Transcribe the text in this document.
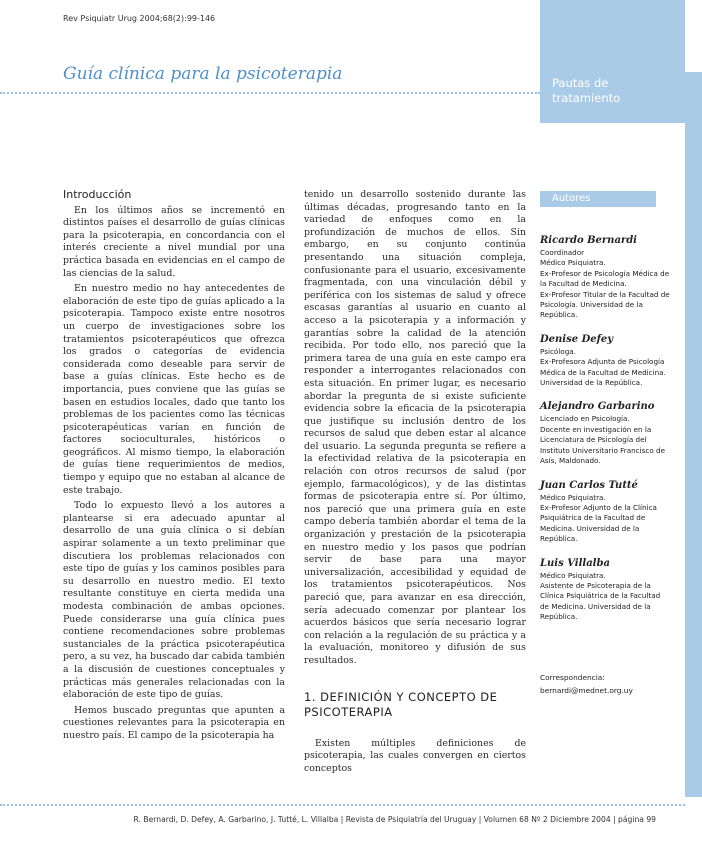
Rev Psiquiatr Urug 2004;68(2):99-146
Pautas de tratamiento
Guía clínica para la psicoterapia

Introducción

En los últimos años se incrementó en distintos países el desarrollo de guías clínicas para la psicoterapia, en concordancia con el interés creciente a nivel mundial por una práctica basada en evidencias en el campo de las ciencias de la salud.

En nuestro medio no hay antecedentes de elaboración de este tipo de guías aplicado a la psicoterapia. Tampoco existe entre nosotros un cuerpo de investigaciones sobre los tratamientos psicoterapéuticos que ofrezca los grados o categorías de evidencia considerada como deseable para servir de base a guías clínicas. Este hecho es de importancia, pues conviene que las guías se basen en estudios locales, dado que tanto los problemas de los pacientes como las técnicas psicoterapéuticas varían en función de factores socioculturales, históricos o geográficos. Al mismo tiempo, la elaboración de guías tiene requerimientos de medios, tiempo y equipo que no estaban al alcance de este trabajo.

Todo lo expuesto llevó a los autores a plantearse si era adecuado apuntar al desarrollo de una guía clínica o si debían aspirar solamente a un texto preliminar que discutiera los problemas relacionados con este tipo de guías y los caminos posibles para su desarrollo en nuestro medio. El texto resultante constituye en cierta medida una modesta combinación de ambas opciones. Puede considerarse una guía clínica pues contiene recomendaciones sobre problemas sustanciales de la práctica psicoterapéutica pero, a su vez, ha buscado dar cabida también a la discusión de cuestiones conceptuales y prácticas más generales relacionadas con la elaboración de este tipo de guías.

Hemos buscado preguntas que apunten a cuestiones relevantes para la psicoterapia en nuestro país. El campo de la psicoterapia ha

tenido un desarrollo sostenido durante las últimas décadas, progresando tanto en la variedad de enfoques como en la profundización de muchos de ellos. Sin embargo, en su conjunto continúa presentando una situación compleja, confusionante para el usuario, excesivamente fragmentada, con una vinculación débil y periférica con los sistemas de salud y ofrece escasas garantías al usuario en cuanto al acceso a la psicoterapia y a información y garantías sobre la calidad de la atención recibida. Por todo ello, nos pareció que la primera tarea de una guía en este campo era responder a interrogantes relacionados con esta situación. En primer lugar, es necesario abordar la pregunta de si existe suficiente evidencia sobre la eficacia de la psicoterapia que justifique su inclusión dentro de los recursos de salud que deben estar al alcance del usuario. La segunda pregunta se refiere a la efectividad relativa de la psicoterapia en relación con otros recursos de salud (por ejemplo, farmacológicos), y de las distintas formas de psicoterapia entre sí. Por último, nos pareció que una primera guía en este campo debería también abordar el tema de la organización y prestación de la psicoterapia en nuestro medio y los pasos que podrían servir de base para una mayor universalización, accesibilidad y equidad de los tratamientos psicoterapéuticos. Nos pareció que, para avanzar en esa dirección, sería adecuado comenzar por plantear los acuerdos básicos que sería necesario lograr con relación a la regulación de su práctica y a la evaluación, monitoreo y difusión de sus resultados.

1. DEFINICIÓN Y CONCEPTO DE PSICOTERAPIA

Existen múltiples definiciones de psicoterapia, las cuales convergen en ciertos conceptos

Autores
Ricardo Bernardi
Coordinador
Médico Psiquiatra.
Ex-Profesor de Psicología Médica de la Facultad de Medicina.
Ex-Profesor Titular de la Facultad de Psicología. Universidad de la República.
Denise Defey
Psicóloga.
Ex-Profesora Adjunta de Psicología Médica de la Facultad de Medicina. Universidad de la República.
Alejandro Garbarino
Licenciado en Psicología.
Docente en investigación en la Licenciatura de Psicología del Instituto Universitario Francisco de Asís, Maldonado.
Juan Carlos Tutté
Médico Psiquiatra.
Ex-Profesor Adjunto de la Clínica Psiquiátrica de la Facultad de Medicina. Universidad de la República.
Luis Villalba
Médico Psiquiatra.
Asistente de Psicoterapia de la Clínica Psiquiátrica de la Facultad de Medicina. Universidad de la República.
Correspondencia:
bernardi@mednet.org.uy
R. Bernardi, D. Defey, A. Garbarino, J. Tutté, L. Villalba | Revista de Psiquiatría del Uruguay | Volumen 68 Nº 2 Diciembre 2004 | página 99
